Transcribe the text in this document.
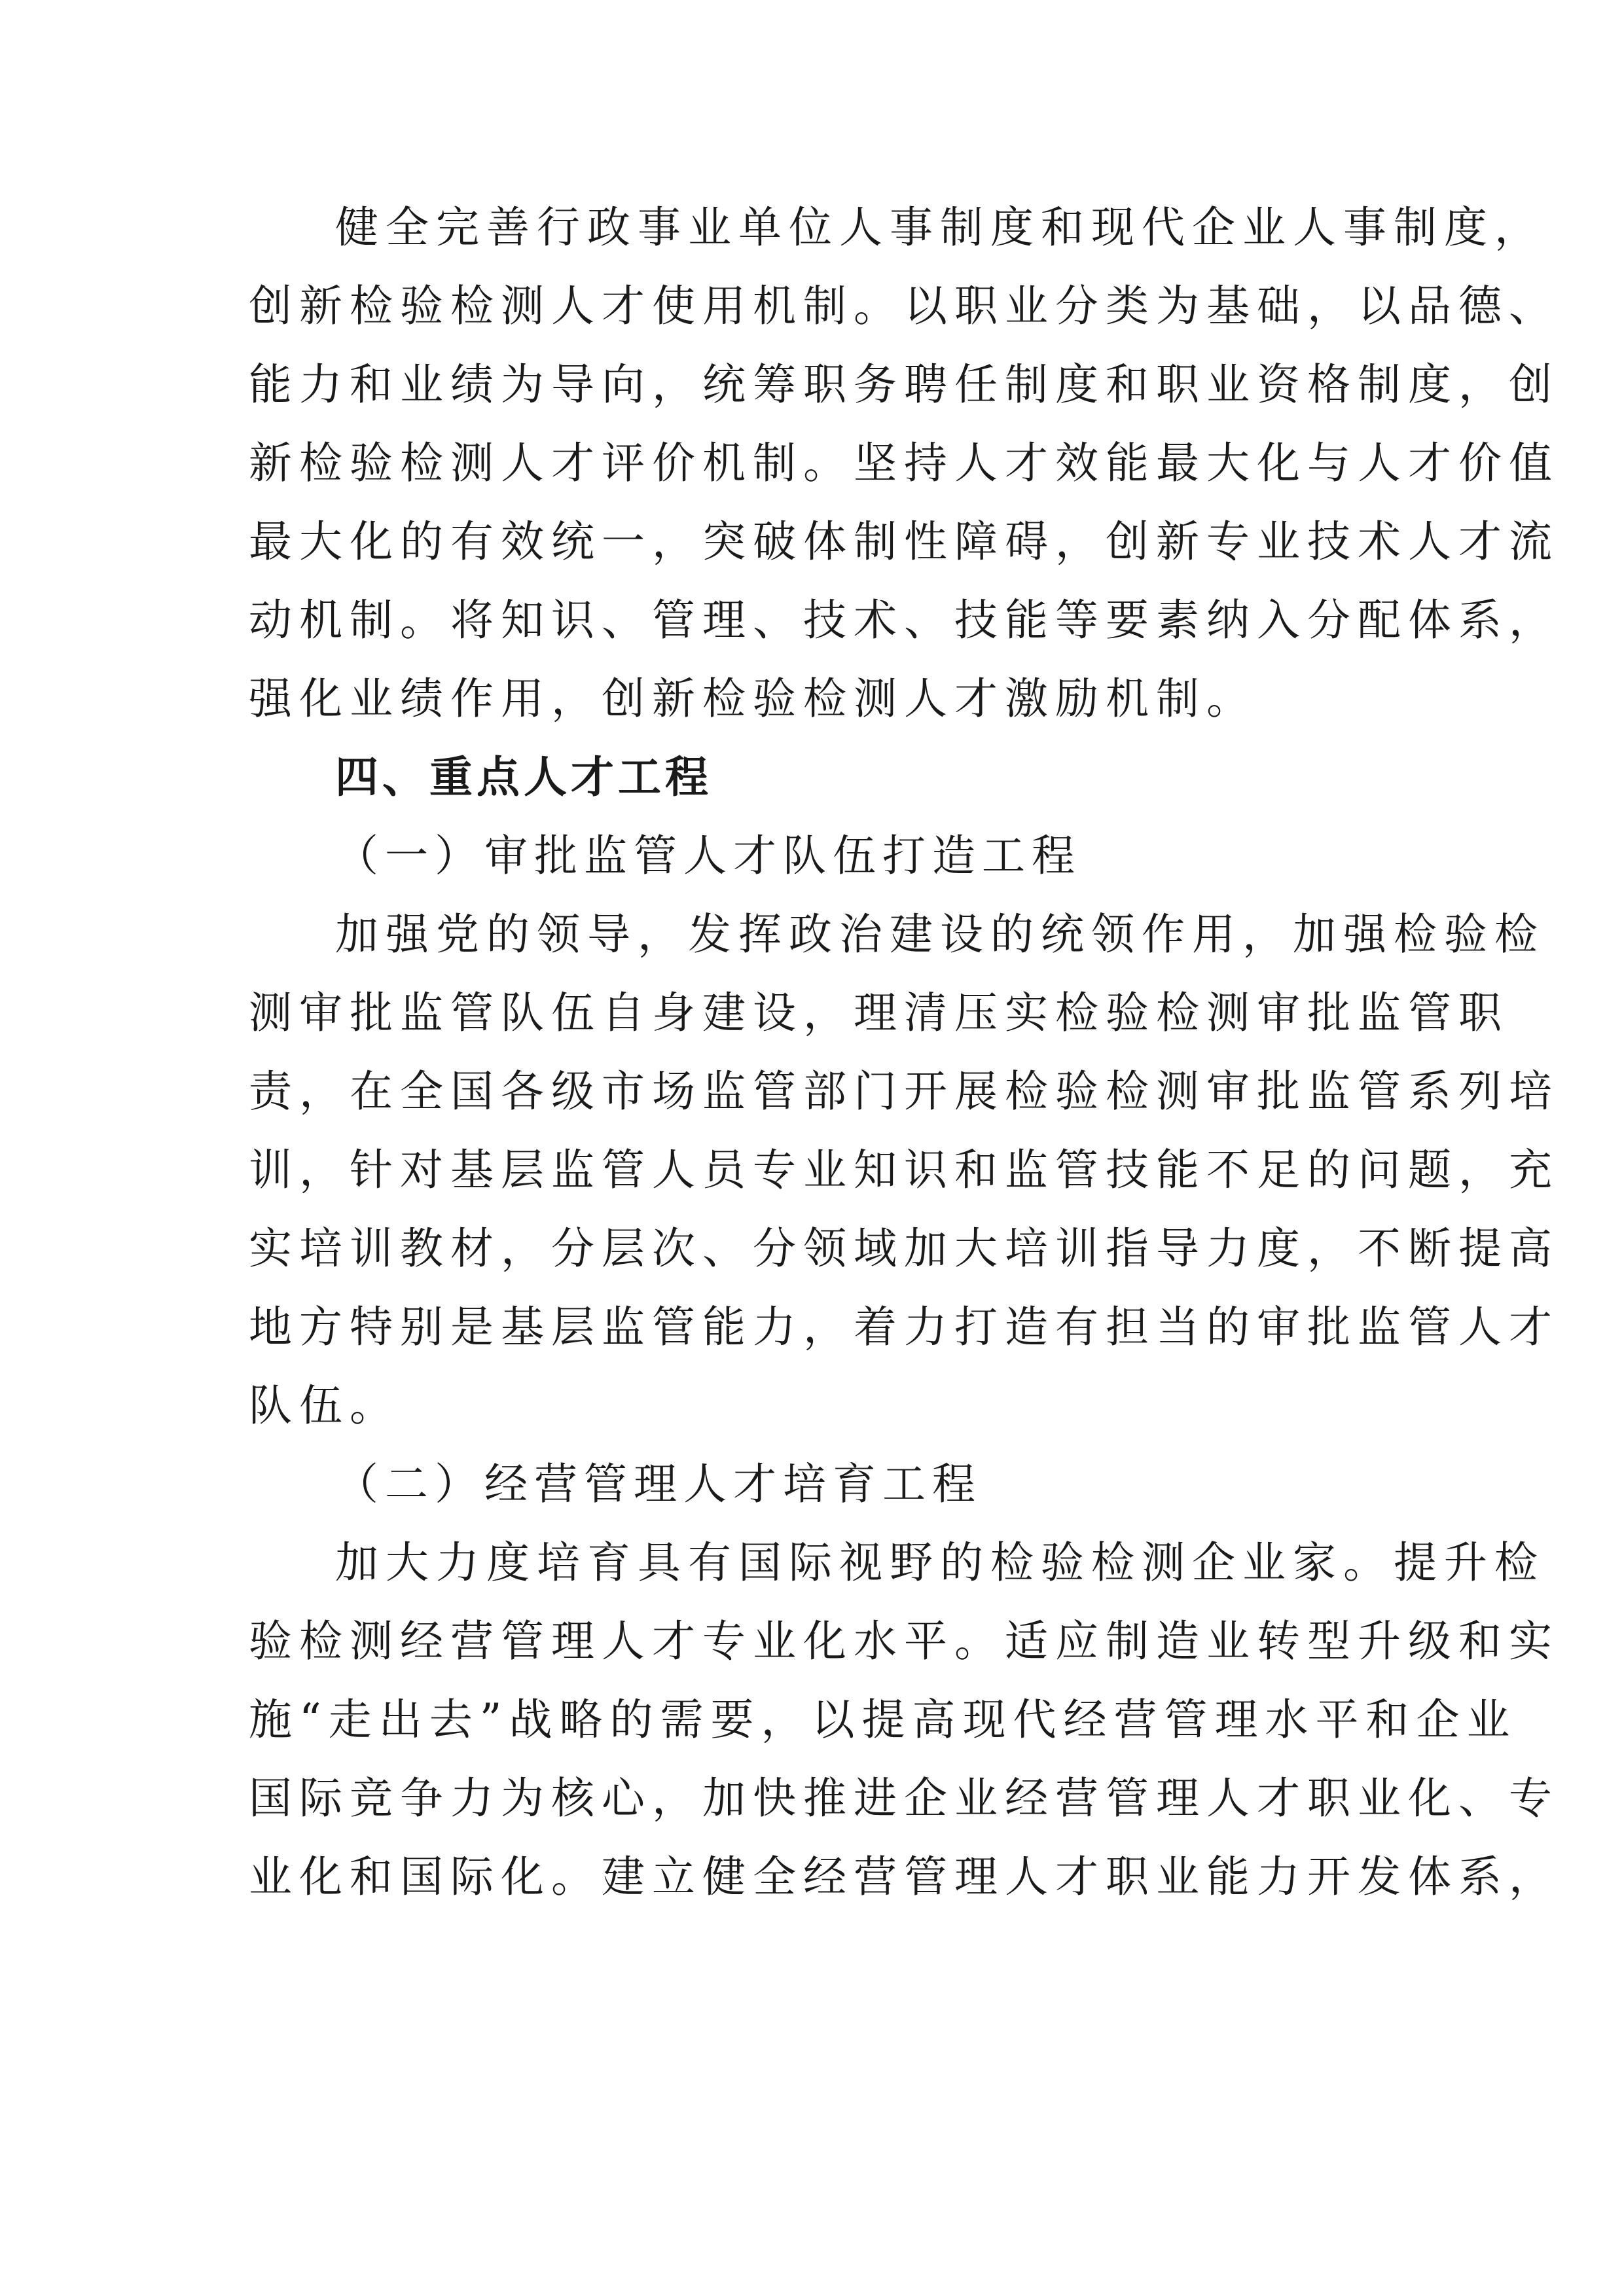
健全完善行政事业单位人事制度和现代企业人事制度，

创新检验检测人才使用机制。以职业分类为基础，以品德、

能力和业绩为导向，统筹职务聘任制度和职业资格制度，创

新检验检测人才评价机制。坚持人才效能最大化与人才价值

最大化的有效统一，突破体制性障碍，创新专业技术人才流

动机制。将知识、管理、技术、技能等要素纳入分配体系，

强化业绩作用，创新检验检测人才激励机制。

四、重点人才工程

（一）审批监管人才队伍打造工程

加强党的领导，发挥政治建设的统领作用，加强检验检

测审批监管队伍自身建设，理清压实检验检测审批监管职

责，在全国各级市场监管部门开展检验检测审批监管系列培

训，针对基层监管人员专业知识和监管技能不足的问题，充

实培训教材，分层次、分领域加大培训指导力度，不断提高

地方特别是基层监管能力，着力打造有担当的审批监管人才

队伍。

（二）经营管理人才培育工程

加大力度培育具有国际视野的检验检测企业家。提升检

验检测经营管理人才专业化水平。适应制造业转型升级和实

施“走出去”战略的需要，以提高现代经营管理水平和企业

国际竞争力为核心，加快推进企业经营管理人才职业化、专

业化和国际化。建立健全经营管理人才职业能力开发体系，
